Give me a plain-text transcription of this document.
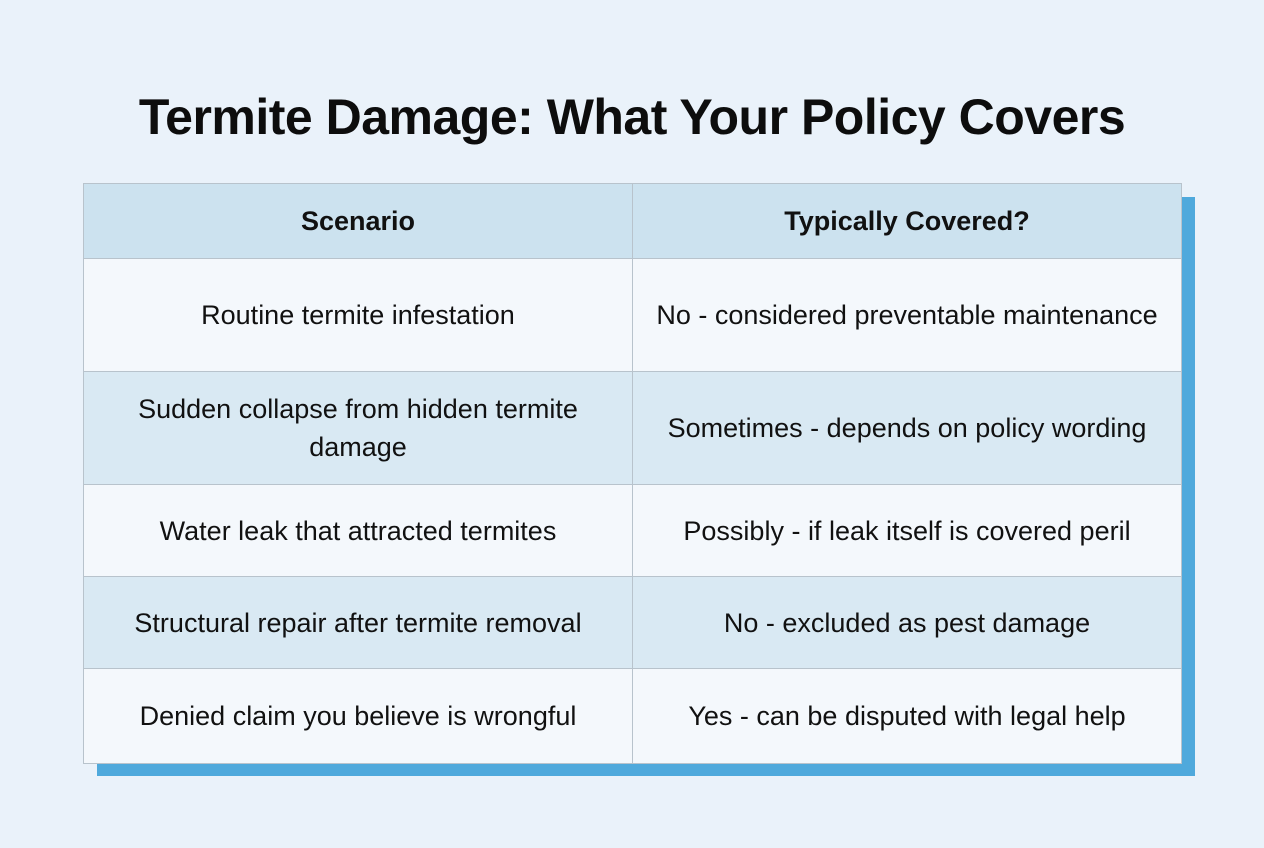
Termite Damage: What Your Policy Covers
Scenario	Typically Covered?
Routine termite infestation	No - considered preventable maintenance
Sudden collapse from hidden termite damage	Sometimes - depends on policy wording
Water leak that attracted termites	Possibly - if leak itself is covered peril
Structural repair after termite removal	No - excluded as pest damage
Denied claim you believe is wrongful	Yes - can be disputed with legal help
